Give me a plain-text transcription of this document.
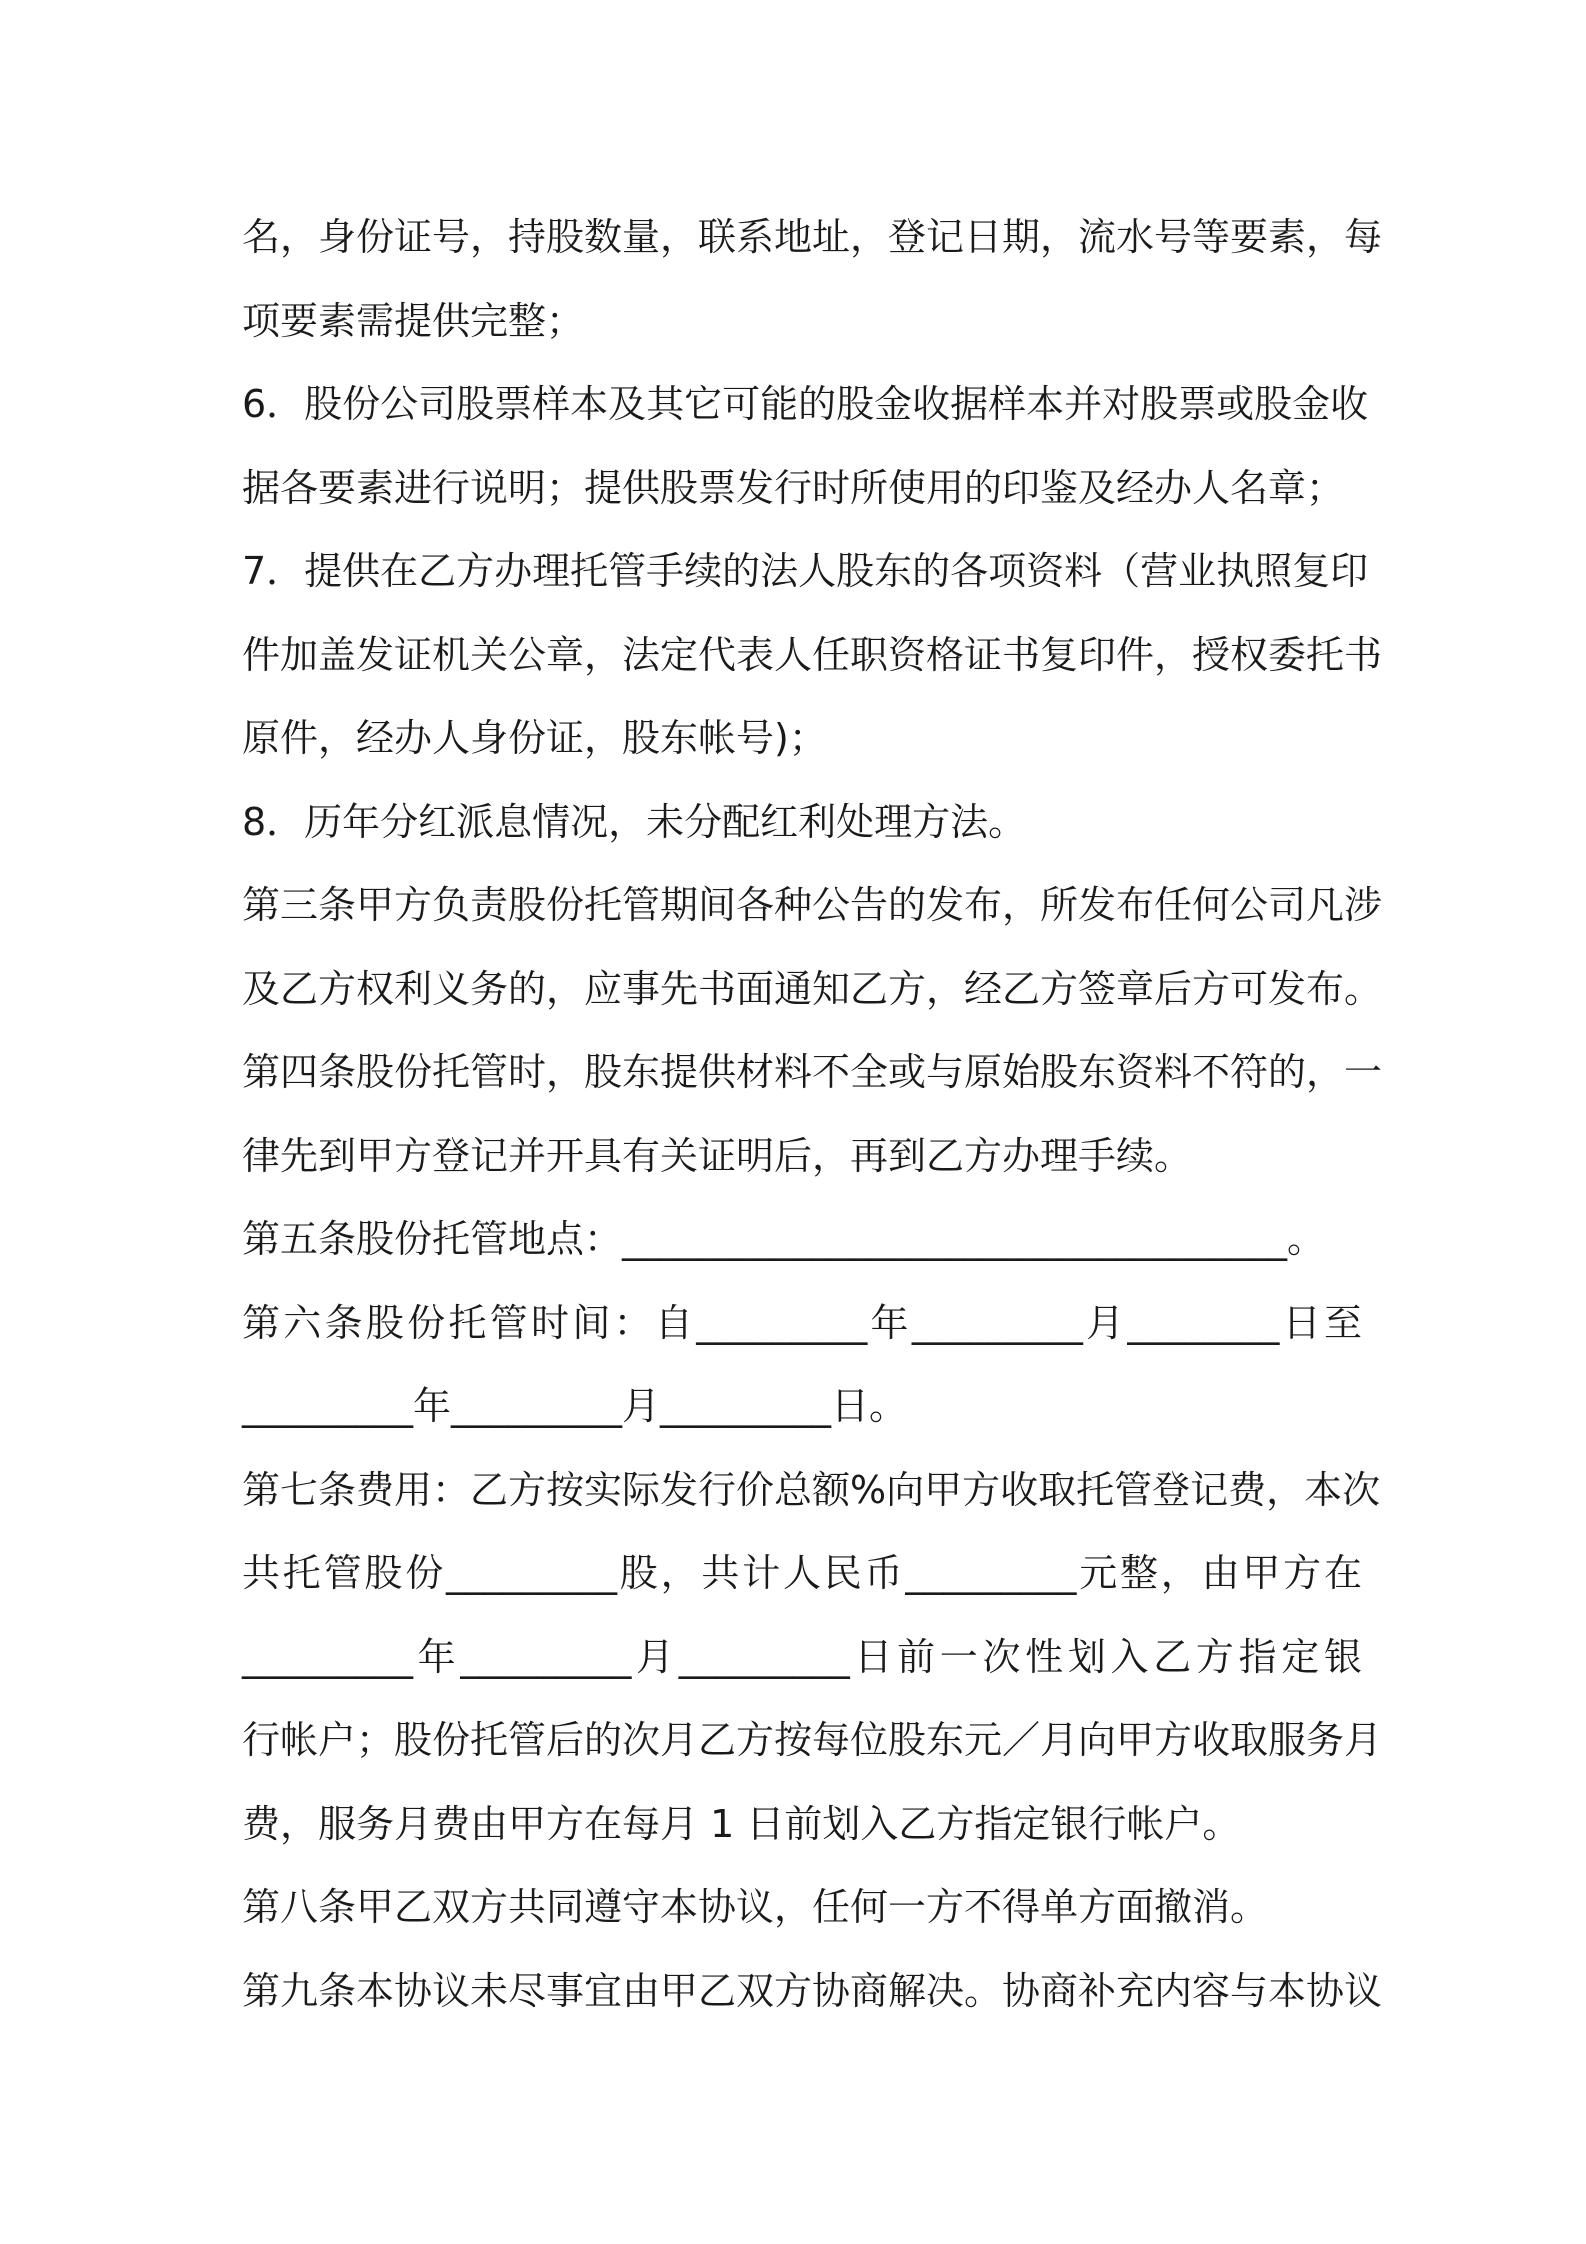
名，身份证号，持股数量，联系地址，登记日期，流水号等要素，每
项要素需提供完整；
6．股份公司股票样本及其它可能的股金收据样本并对股票或股金收
据各要素进行说明；提供股票发行时所使用的印鉴及经办人名章；
7．提供在乙方办理托管手续的法人股东的各项资料（营业执照复印
件加盖发证机关公章，法定代表人任职资格证书复印件，授权委托书
原件，经办人身份证，股东帐号)；
8．历年分红派息情况，未分配红利处理方法。
第三条甲方负责股份托管期间各种公告的发布，所发布任何公司凡涉
及乙方权利义务的，应事先书面通知乙方，经乙方签章后方可发布。
第四条股份托管时，股东提供材料不全或与原始股东资料不符的，一
律先到甲方登记并开具有关证明后，再到乙方办理手续。
第五条股份托管地点：___________________________________。
第六条股份托管时间：自_________年_________月________日至
_________年_________月_________日。
第七条费用：乙方按实际发行价总额%向甲方收取托管登记费，本次
共托管股份_________股，共计人民币_________元整，由甲方在
_________年_________月_________日前一次性划入乙方指定银
行帐户；股份托管后的次月乙方按每位股东元／月向甲方收取服务月
费，服务月费由甲方在每月 1 日前划入乙方指定银行帐户。
第八条甲乙双方共同遵守本协议，任何一方不得单方面撤消。
第九条本协议未尽事宜由甲乙双方协商解决。协商补充内容与本协议
